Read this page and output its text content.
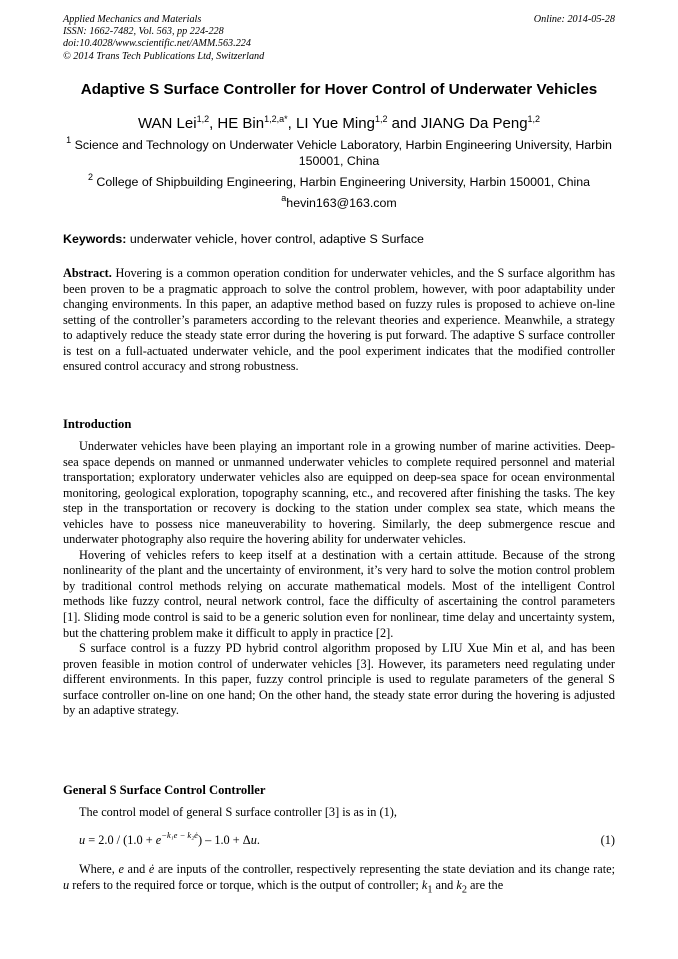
Applied Mechanics and Materials
ISSN: 1662-7482, Vol. 563, pp 224-228
doi:10.4028/www.scientific.net/AMM.563.224
© 2014 Trans Tech Publications Ltd, Switzerland
Online: 2014-05-28
Adaptive S Surface Controller for Hover Control of Underwater Vehicles
WAN Lei$^{1,2}$, HE Bin$^{1,2,a*}$, LI Yue Ming$^{1,2}$ and JIANG Da Peng$^{1,2}$
$^1$ Science and Technology on Underwater Vehicle Laboratory, Harbin Engineering University, Harbin 150001, China
$^2$ College of Shipbuilding Engineering, Harbin Engineering University, Harbin 150001, China
$^a$hevin163@163.com
Keywords: underwater vehicle, hover control, adaptive S Surface

Abstract. Hovering is a common operation condition for underwater vehicles, and the S surface algorithm has been proven to be a pragmatic approach to solve the control problem, however, with poor adaptability under changing environments. In this paper, an adaptive method based on fuzzy rules is proposed to achieve on-line setting of the controller’s parameters according to the relevant theories and experience. Meanwhile, a strategy to adaptively reduce the steady state error during the hovering is put forward. The adaptive S surface controller is test on a full-actuated underwater vehicle, and the pool experiment indicates that the modified controller ensured control accuracy and strong robustness.

Introduction

Underwater vehicles have been playing an important role in a growing number of marine activities. Deep-sea space depends on manned or unmanned underwater vehicles to complete required personnel and material transportation; exploratory underwater vehicles also are equipped on deep-sea space for ocean environmental monitoring, geological exploration, topography scanning, etc., and recovered after finishing the tasks. The key step in the transportation or recovery is docking to the station under complex sea state, which means the vehicles have to possess nice maneuverability to hovering. Similarly, the deep submergence rescue and underwater photography also require the hovering ability for underwater vehicles.

Hovering of vehicles refers to keep itself at a destination with a certain attitude. Because of the strong nonlinearity of the plant and the uncertainty of environment, it’s very hard to solve the motion control problem by traditional control methods relying on accurate mathematical models. Most of the intelligent Control methods like fuzzy control, neural network control, face the difficulty of ascertaining the control parameters [1]. Sliding mode control is said to be a generic solution even for nonlinear, time delay and uncertainty system, but the chattering problem make it difficult to apply in practice [2].

S surface control is a fuzzy PD hybrid control algorithm proposed by LIU Xue Min et al, and has been proven feasible in motion control of underwater vehicles [3]. However, its parameters need regulating under different environments. In this paper, fuzzy control principle is used to regulate parameters of the general S surface controller on-line on one hand; On the other hand, the steady state error during the hovering is adjusted by an adaptive strategy.

General S Surface Control Controller

The control model of general S surface controller [3] is as in (1),

$u = 2.0 / (1.0 + e^{-k_1e - k_2ė}) - 1.0 + \Delta u$.	(1)

Where, e and ė are inputs of the controller, respectively representing the state deviation and its change rate; u refers to the required force or torque, which is the output of controller; $k_1$ and $k_2$ are the
